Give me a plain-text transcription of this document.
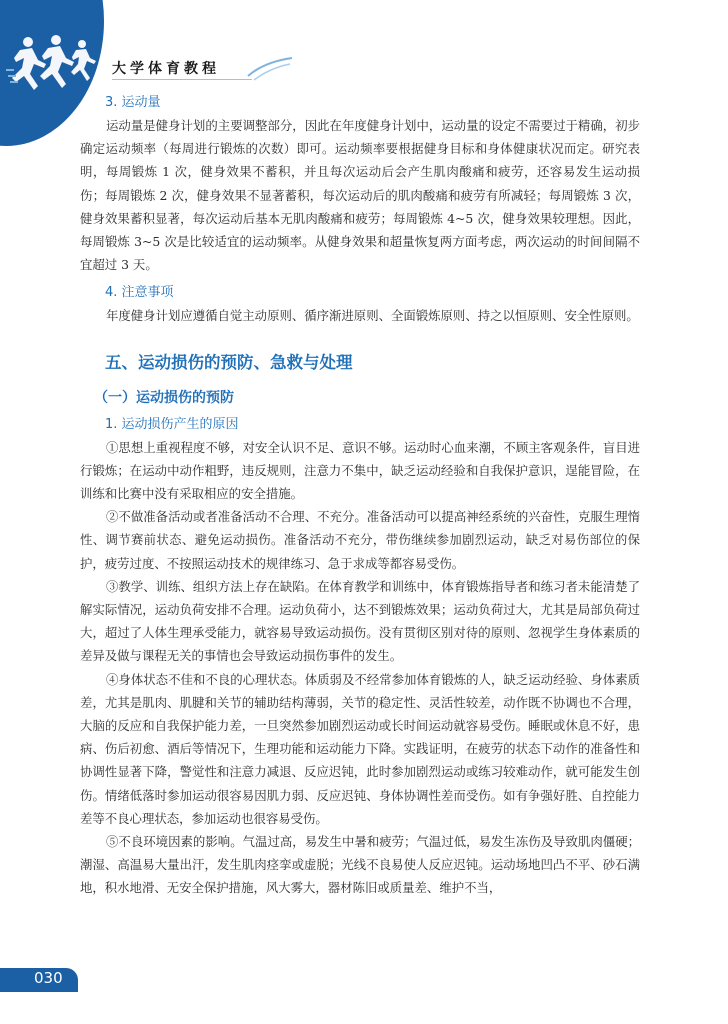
大学体育教程
3. 运动量

运动量是健身计划的主要调整部分，因此在年度健身计划中，运动量的设定不需要过于精确，初步确定运动频率（每周进行锻炼的次数）即可。运动频率要根据健身目标和身体健康状况而定。研究表明，每周锻炼 1 次，健身效果不蓄积，并且每次运动后会产生肌肉酸痛和疲劳，还容易发生运动损伤；每周锻炼 2 次，健身效果不显著蓄积，每次运动后的肌肉酸痛和疲劳有所减轻；每周锻炼 3 次，健身效果蓄积显著，每次运动后基本无肌肉酸痛和疲劳；每周锻炼 4~5 次，健身效果较理想。因此，每周锻炼 3~5 次是比较适宜的运动频率。从健身效果和超量恢复两方面考虑，两次运动的时间间隔不宜超过 3 天。

4. 注意事项

年度健身计划应遵循自觉主动原则、循序渐进原则、全面锻炼原则、持之以恒原则、安全性原则。

五、运动损伤的预防、急救与处理
（一）运动损伤的预防
1. 运动损伤产生的原因

①思想上重视程度不够，对安全认识不足、意识不够。运动时心血来潮，不顾主客观条件，盲目进行锻炼；在运动中动作粗野，违反规则，注意力不集中，缺乏运动经验和自我保护意识，逞能冒险，在训练和比赛中没有采取相应的安全措施。

②不做准备活动或者准备活动不合理、不充分。准备活动可以提高神经系统的兴奋性，克服生理惰性、调节赛前状态、避免运动损伤。准备活动不充分，带伤继续参加剧烈运动，缺乏对易伤部位的保护，疲劳过度、不按照运动技术的规律练习、急于求成等都容易受伤。

③教学、训练、组织方法上存在缺陷。在体育教学和训练中，体育锻炼指导者和练习者未能清楚了解实际情况，运动负荷安排不合理。运动负荷小，达不到锻炼效果；运动负荷过大，尤其是局部负荷过大，超过了人体生理承受能力，就容易导致运动损伤。没有贯彻区别对待的原则、忽视学生身体素质的差异及做与课程无关的事情也会导致运动损伤事件的发生。

④身体状态不佳和不良的心理状态。体质弱及不经常参加体育锻炼的人，缺乏运动经验、身体素质差，尤其是肌肉、肌腱和关节的辅助结构薄弱，关节的稳定性、灵活性较差，动作既不协调也不合理，大脑的反应和自我保护能力差，一旦突然参加剧烈运动或长时间运动就容易受伤。睡眠或休息不好，患病、伤后初愈、酒后等情况下，生理功能和运动能力下降。实践证明，在疲劳的状态下动作的准备性和协调性显著下降，警觉性和注意力减退、反应迟钝，此时参加剧烈运动或练习较难动作，就可能发生创伤。情绪低落时参加运动很容易因肌力弱、反应迟钝、身体协调性差而受伤。如有争强好胜、自控能力差等不良心理状态，参加运动也很容易受伤。

⑤不良环境因素的影响。气温过高，易发生中暑和疲劳；气温过低，易发生冻伤及导致肌肉僵硬；潮湿、高温易大量出汗，发生肌肉痉挛或虚脱；光线不良易使人反应迟钝。运动场地凹凸不平、砂石满地，积水地滑、无安全保护措施，风大雾大，器材陈旧或质量差、维护不当，

030
